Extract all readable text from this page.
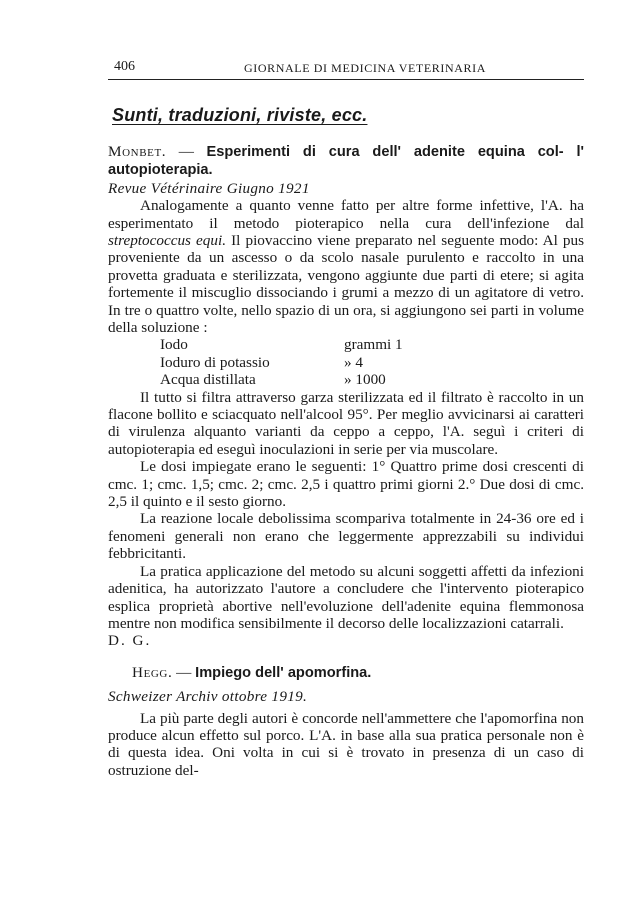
406	GIORNALE DI MEDICINA VETERINARIA
Sunti, traduzioni, riviste, ecc.

Monbet. — Esperimenti di cura dell' adenite equina col- l' autopioterapia.

Revue Vétérinaire Giugno 1921

Analogamente a quanto venne fatto per altre forme infettive, l'A. ha esperimentato il metodo pioterapico nella cura dell'infezione dal streptococcus equi. Il piovaccino viene preparato nel seguente modo: Al pus proveniente da un ascesso o da scolo nasale purulento e raccolto in una provetta graduata e sterilizzata, vengono aggiunte due parti di etere; si agita fortemente il miscuglio dissociando i grumi a mezzo di un agitatore di vetro. In tre o quattro volte, nello spazio di un ora, si aggiungono sei parti in volume della soluzione :

Iodo	grammi 1
Ioduro di potassio	» 4
Acqua distillata	» 1000

Il tutto si filtra attraverso garza sterilizzata ed il filtrato è raccolto in un flacone bollito e sciacquato nell'alcool 95°. Per meglio avvicinarsi ai caratteri di virulenza alquanto varianti da ceppo a ceppo, l'A. seguì i criteri di autopioterapia ed eseguì inoculazioni in serie per via muscolare.

Le dosi impiegate erano le seguenti: 1° Quattro prime dosi crescenti di cmc. 1; cmc. 1,5; cmc. 2; cmc. 2,5 i quattro primi giorni 2.° Due dosi di cmc. 2,5 il quinto e il sesto giorno.

La reazione locale debolissima scompariva totalmente in 24-36 ore ed i fenomeni generali non erano che leggermente apprezzabili su individui febbricitanti.

La pratica applicazione del metodo su alcuni soggetti affetti da infezioni adenitica, ha autorizzato l'autore a concludere che l'intervento pioterapico esplica proprietà abortive nell'evoluzione dell'adenite equina flemmonosa mentre non modifica sensibilmente il decorso delle localizzazioni catarrali.

D. G.

Hegg. — Impiego dell' apomorfina.

Schweizer Archiv ottobre 1919.

La più parte degli autori è concorde nell'ammettere che l'apomorfina non produce alcun effetto sul porco. L'A. in base alla sua pratica personale non è di questa idea. Oni volta in cui si è trovato in presenza di un caso di ostruzione del-
